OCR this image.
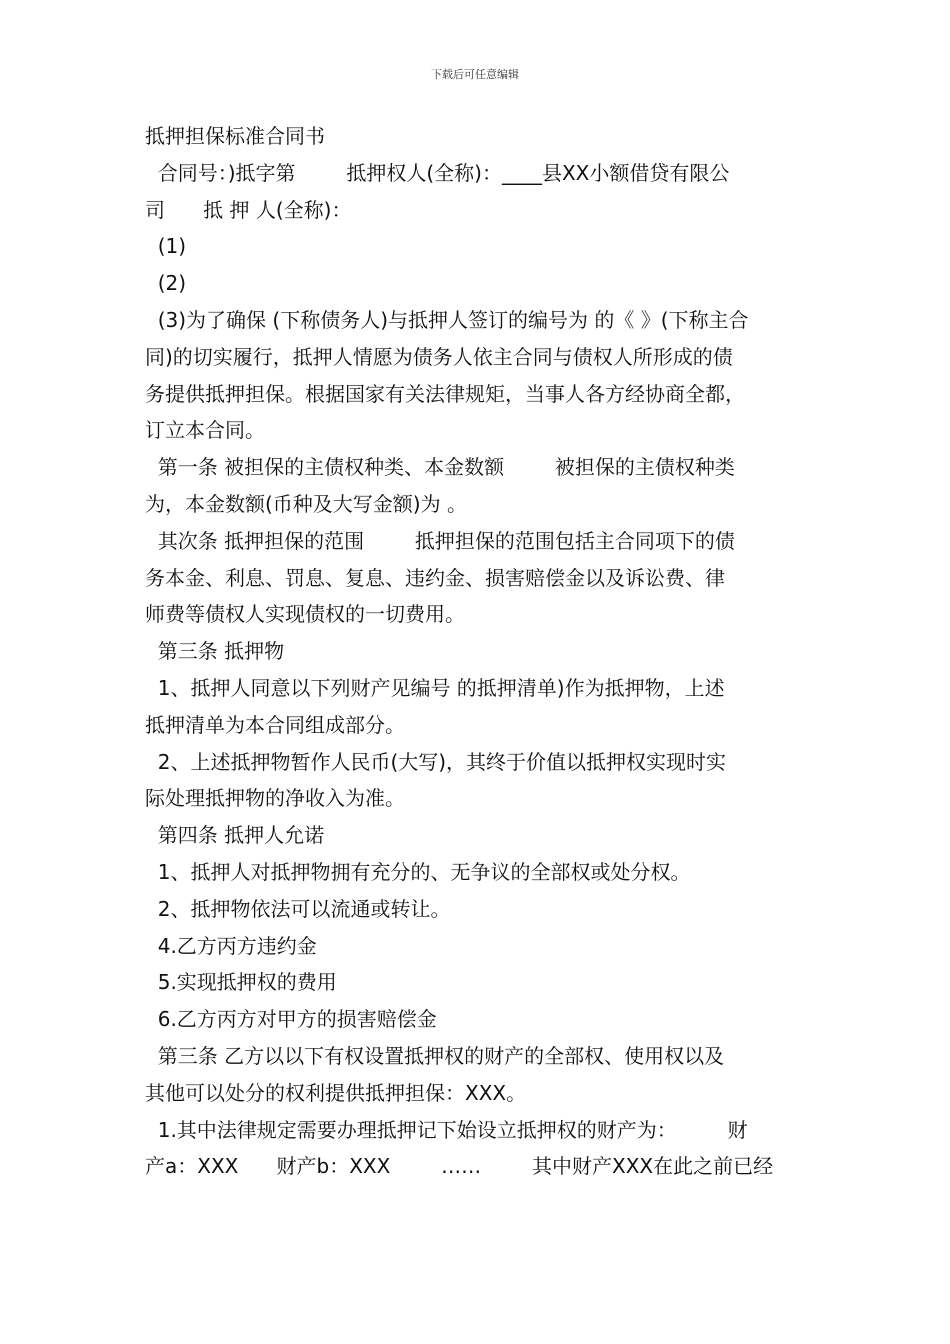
下载后可任意编辑
抵押担保标准合同书
合同号：)抵字第        抵押权人(全称)：____县XX小额借贷有限公
司      抵 押 人(全称)：
(1)
(2)
(3)为了确保 (下称债务人)与抵押人签订的编号为 的《 》(下称主合
同)的切实履行，抵押人情愿为债务人依主合同与债权人所形成的债
务提供抵押担保。根据国家有关法律规矩，当事人各方经协商全都，
订立本合同。
第一条 被担保的主债权种类、本金数额        被担保的主债权种类
为，本金数额(币种及大写金额)为 。
其次条 抵押担保的范围        抵押担保的范围包括主合同项下的债
务本金、利息、罚息、复息、违约金、损害赔偿金以及诉讼费、律
师费等债权人实现债权的一切费用。
第三条 抵押物
1、抵押人同意以下列财产见编号 的抵押清单)作为抵押物，上述
抵押清单为本合同组成部分。
2、上述抵押物暂作人民币(大写)，其终于价值以抵押权实现时实
际处理抵押物的净收入为准。
第四条 抵押人允诺
1、抵押人对抵押物拥有充分的、无争议的全部权或处分权。
2、抵押物依法可以流通或转让。
4.乙方丙方违约金
5.实现抵押权的费用
6.乙方丙方对甲方的损害赔偿金
第三条 乙方以以下有权设置抵押权的财产的全部权、使用权以及
其他可以处分的权利提供抵押担保：XXX。
1.其中法律规定需要办理抵押记下始设立抵押权的财产为：        财
产a：XXX      财产b：XXX        ……        其中财产XXX在此之前已经
